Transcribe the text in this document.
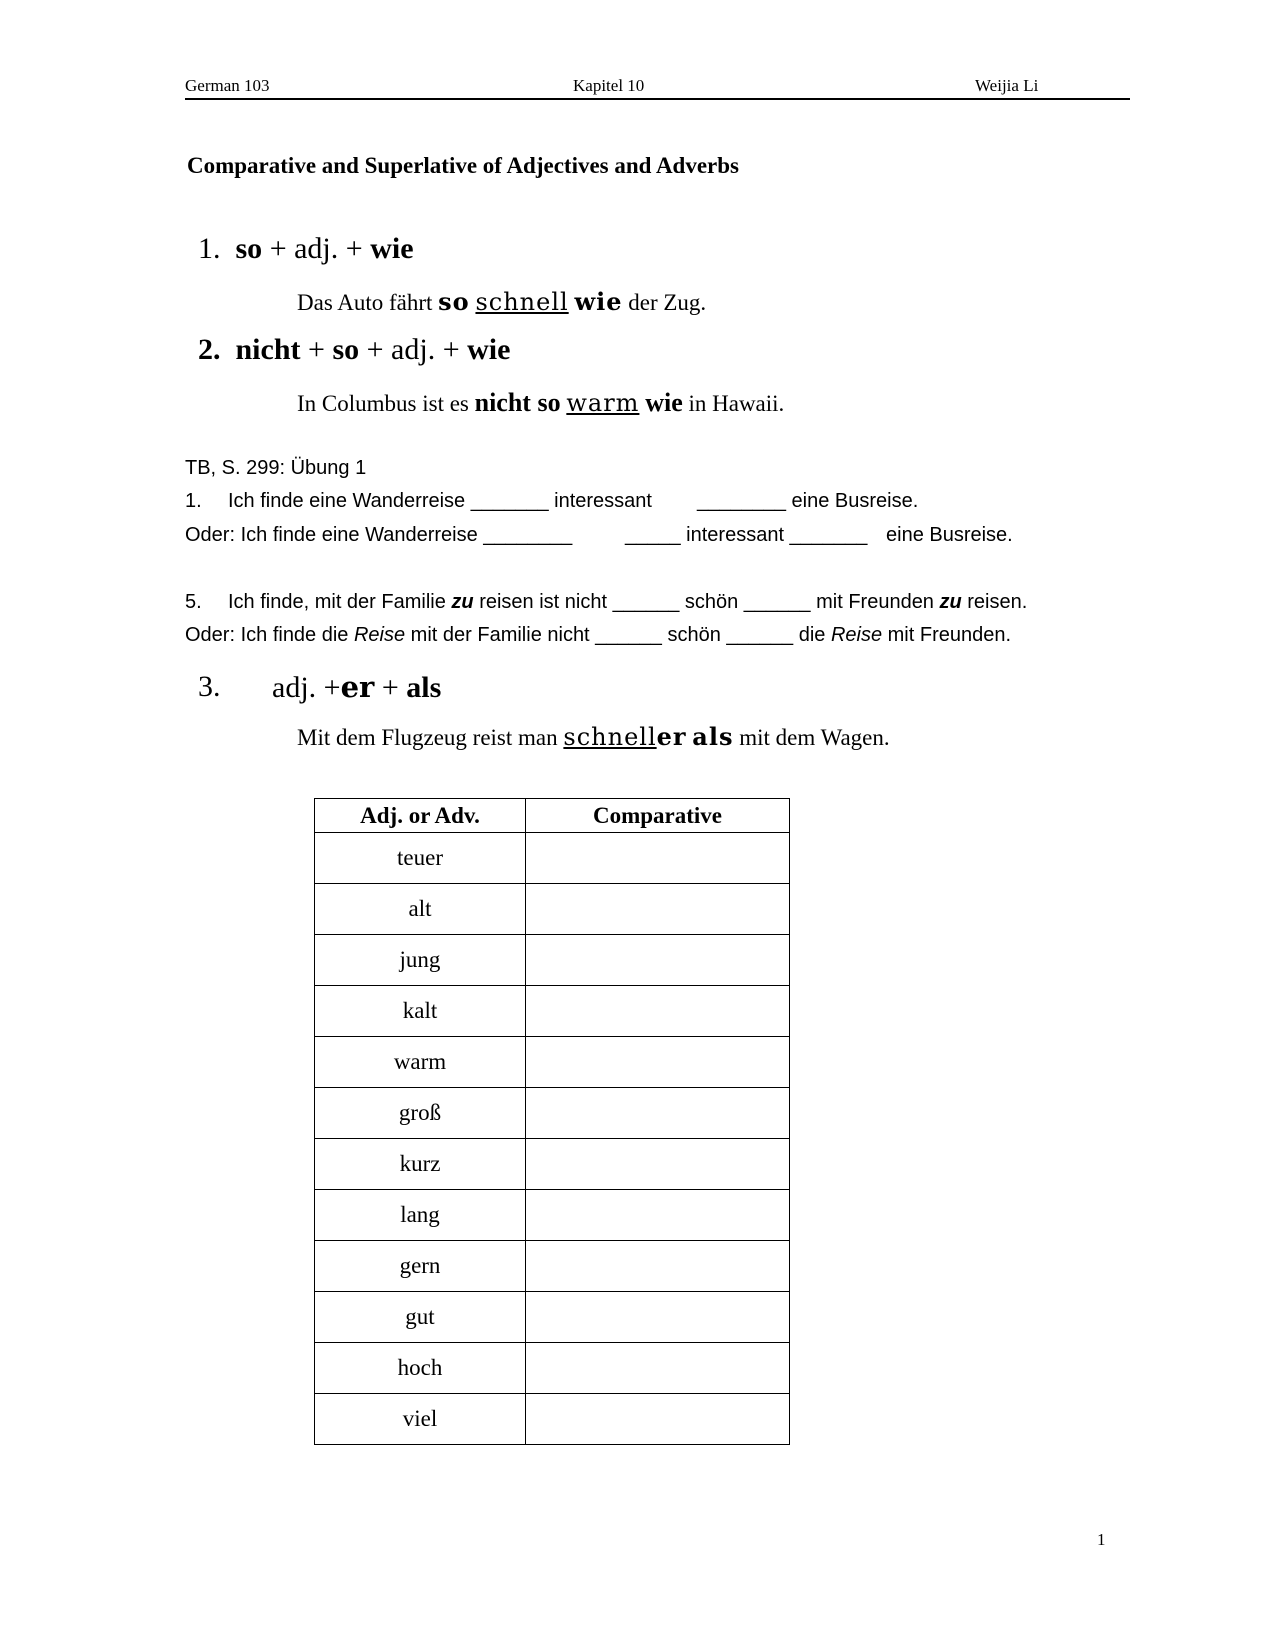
German 103	Kapitel 10	Weijia Li
Comparative and Superlative of Adjectives and Adverbs
1. so + adj. + wie
Das Auto fährt so schnell wie der Zug.
2. nicht + so + adj. + wie
In Columbus ist es nicht so warm wie in Hawaii.
TB, S. 299: Übung 1
1. Ich finde eine Wanderreise _______ interessant ________ eine Busreise.
Oder: Ich finde eine Wanderreise ________	_____ interessant _______ eine Busreise.
5. Ich finde, mit der Familie zu reisen ist nicht ______ schön ______ mit Freunden zu reisen.
Oder: Ich finde die Reise mit der Familie nicht ______ schön ______ die Reise mit Freunden.
3. adj. +er + als
Mit dem Flugzeug reist man schneller als mit dem Wagen.
Adj. or Adv.	Comparative
teuer	
alt	
jung	
kalt	
warm	
groß	
kurz	
lang	
gern	
gut	
hoch	
viel	
1
